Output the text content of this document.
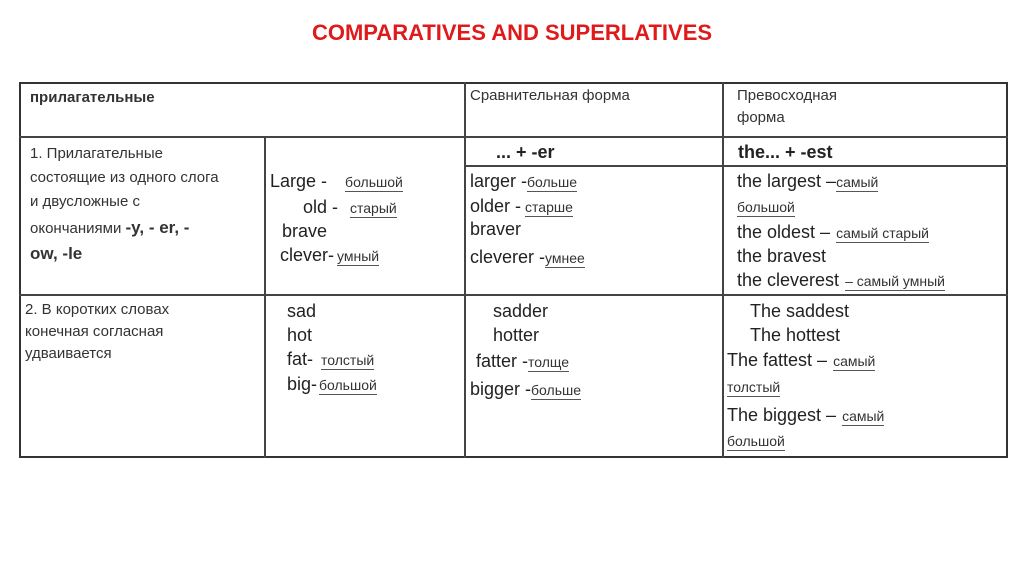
COMPARATIVES AND SUPERLATIVES
прилагательные	Сравнительная форма	Превосходная
форма
1. Прилагательные
состоящие из одного слога
и двусложные с
окончаниями -y, - er, -
ow, -le
Large - большой
old - старый
brave
clever- умный
... + -er
larger -больше
older - старше
braver
cleverer -умнее
the... + -est
the largest –самый
большой
the oldest – самый старый
the bravest
the cleverest – самый умный
2. В коротких словах
конечная согласная
удваивается
sad
hot
fat- толстый
big- большой
sadder
hotter
fatter -толще
bigger -больше
The saddest
The hottest
The fattest – самый
толстый
The biggest – самый
большой
